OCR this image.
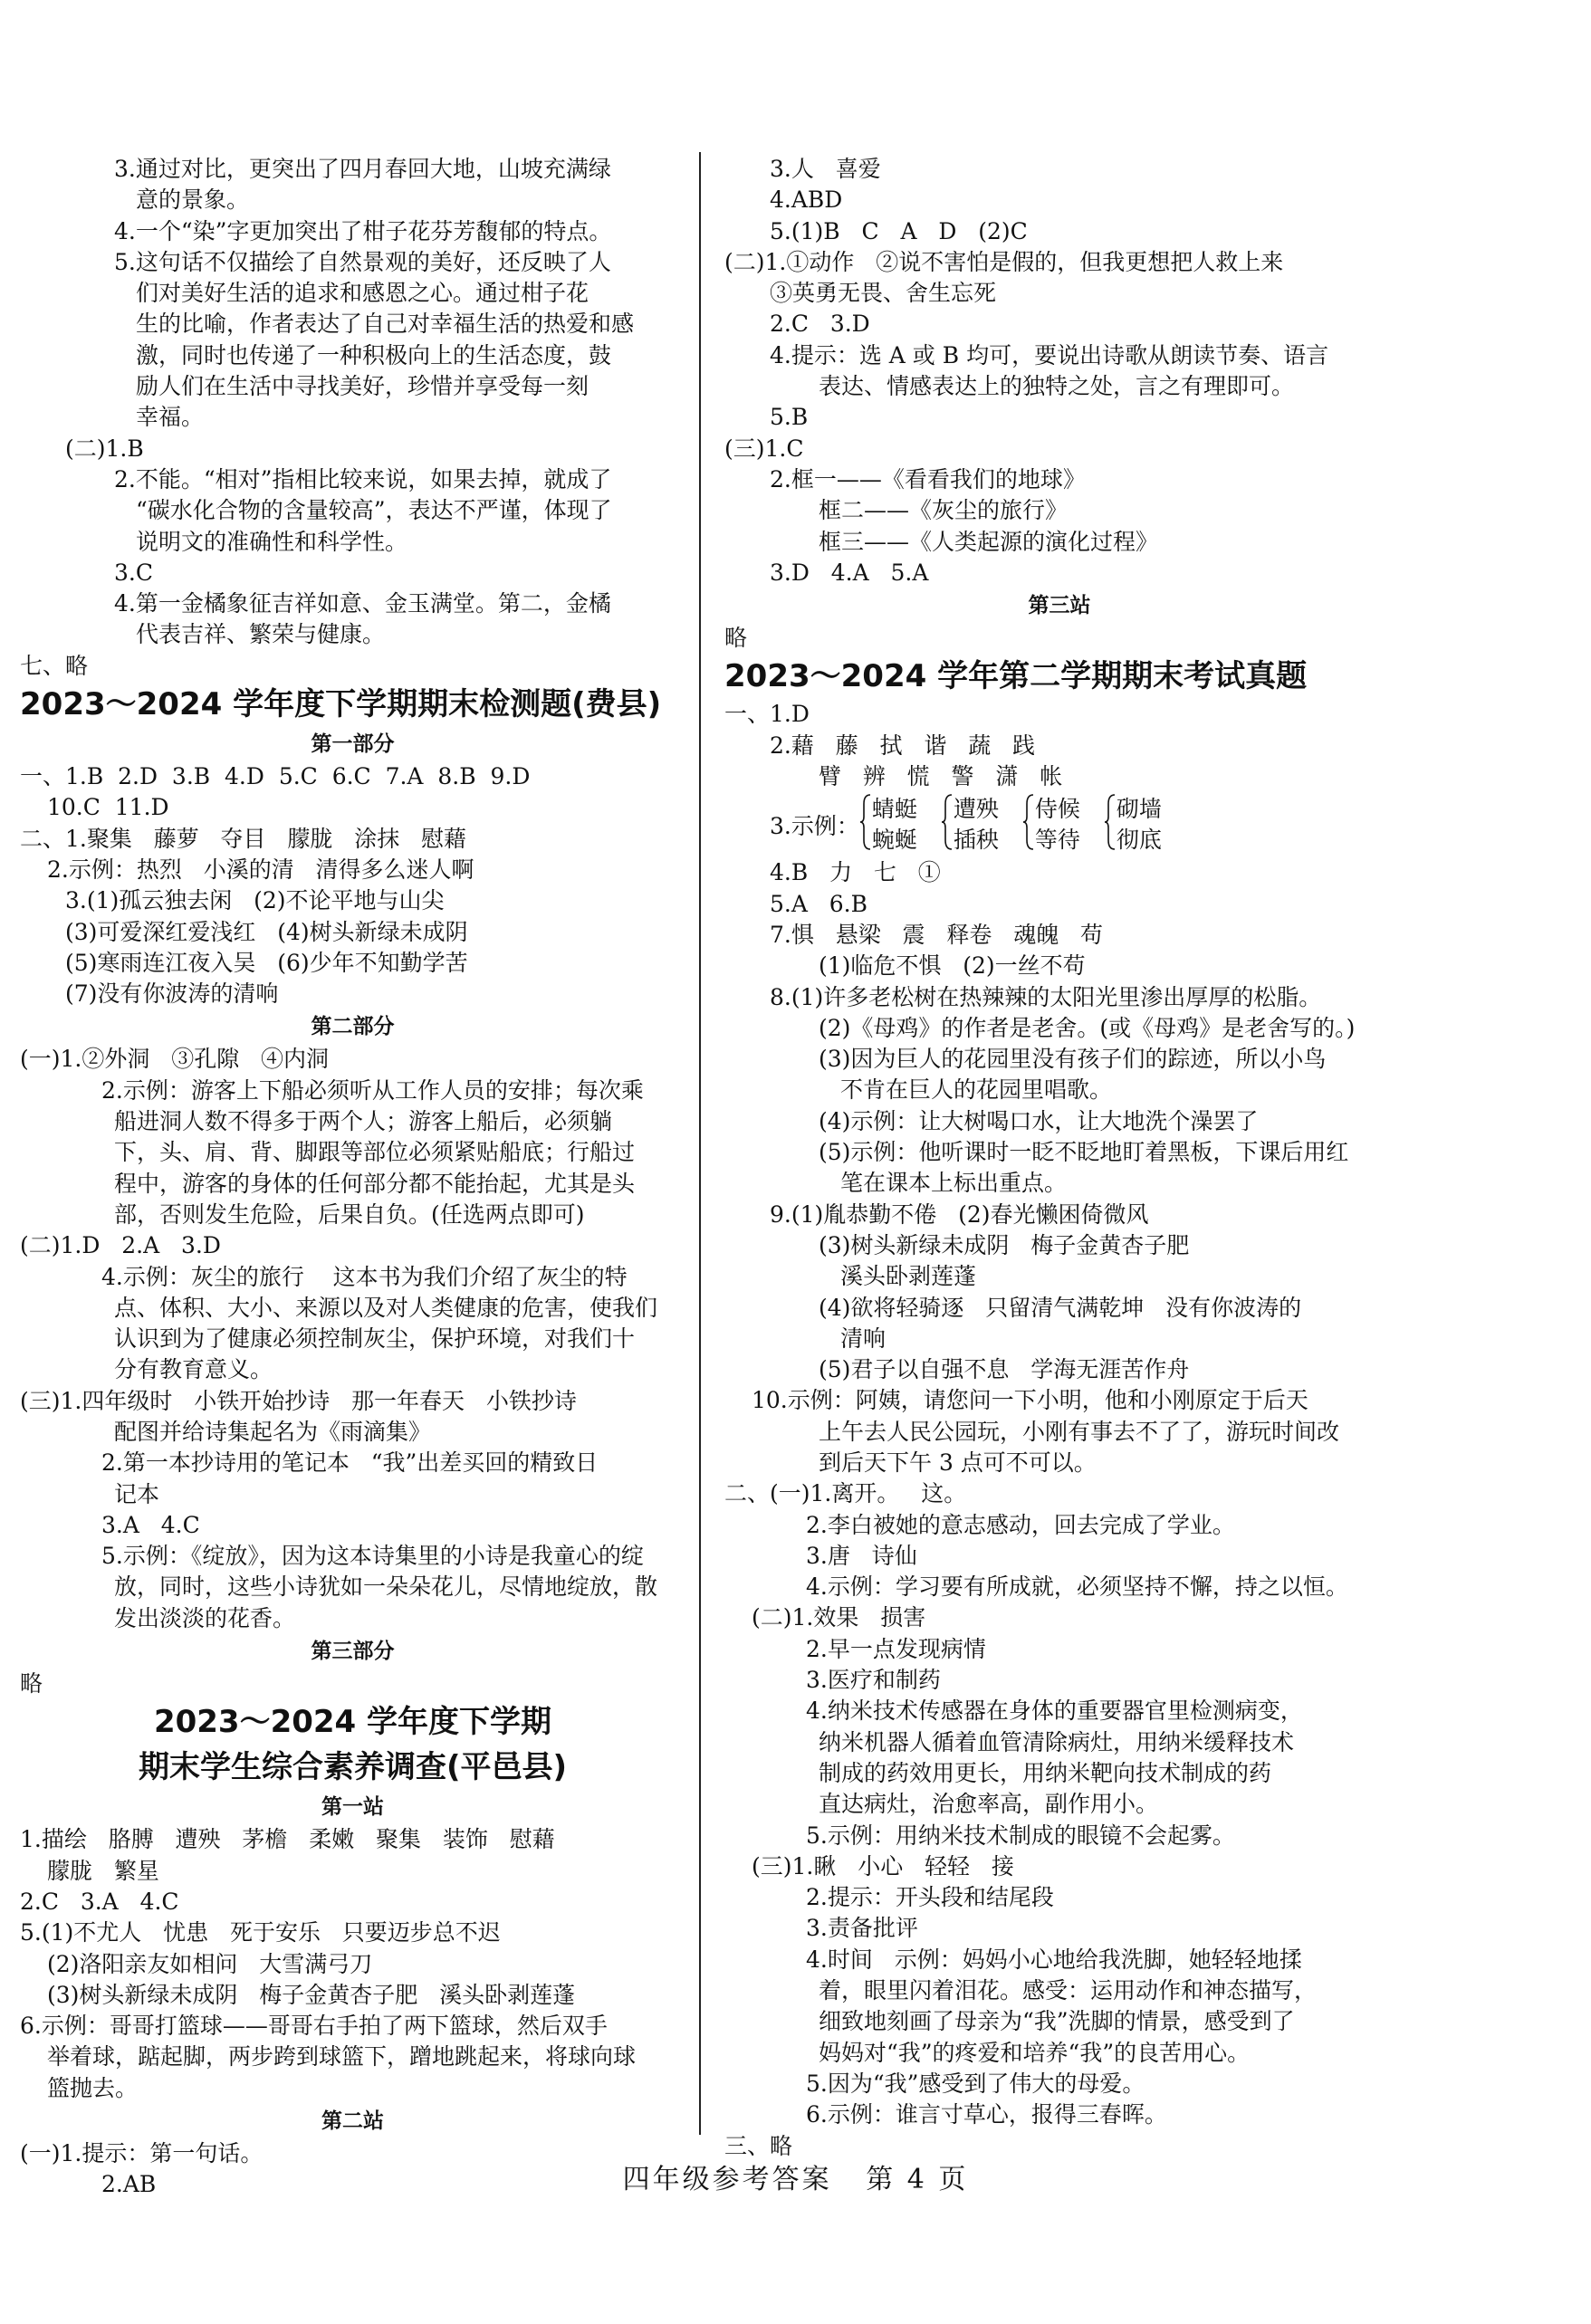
3.通过对比，更突出了四月春回大地，山坡充满绿
意的景象。
4.一个“染”字更加突出了柑子花芬芳馥郁的特点。
5.这句话不仅描绘了自然景观的美好，还反映了人
们对美好生活的追求和感恩之心。通过柑子花
生的比喻，作者表达了自己对幸福生活的热爱和感
激，同时也传递了一种积极向上的生活态度，鼓
励人们在生活中寻找美好，珍惜并享受每一刻
幸福。
(二)1.B
2.不能。“相对”指相比较来说，如果去掉，就成了
“碳水化合物的含量较高”，表达不严谨，体现了
说明文的准确性和科学性。
3.C
4.第一金橘象征吉祥如意、金玉满堂。第二，金橘
代表吉祥、繁荣与健康。
七、略
2023～2024 学年度下学期期末检测题(费县)
第一部分
一、1.B  2.D  3.B  4.D  5.C  6.C  7.A  8.B  9.D
10.C  11.D
二、1.聚集   藤萝   夺目   朦胧   涂抹   慰藉
2.示例：热烈   小溪的清   清得多么迷人啊
3.(1)孤云独去闲   (2)不论平地与山尖
(3)可爱深红爱浅红   (4)树头新绿未成阴
(5)寒雨连江夜入吴   (6)少年不知勤学苦
(7)没有你波涛的清响
第二部分
(一)1.②外洞   ③孔隙   ④内洞
2.示例：游客上下船必须听从工作人员的安排；每次乘
船进洞人数不得多于两个人；游客上船后，必须躺
下，头、肩、背、脚跟等部位必须紧贴船底；行船过
程中，游客的身体的任何部分都不能抬起，尤其是头
部，否则发生危险，后果自负。(任选两点即可)
(二)1.D   2.A   3.D
4.示例：灰尘的旅行    这本书为我们介绍了灰尘的特
点、体积、大小、来源以及对人类健康的危害，使我们
认识到为了健康必须控制灰尘，保护环境，对我们十
分有教育意义。
(三)1.四年级时   小铁开始抄诗   那一年春天   小铁抄诗
配图并给诗集起名为《雨滴集》
2.第一本抄诗用的笔记本   “我”出差买回的精致日
记本
3.A   4.C
5.示例：《绽放》，因为这本诗集里的小诗是我童心的绽
放，同时，这些小诗犹如一朵朵花儿，尽情地绽放，散
发出淡淡的花香。
第三部分
略
2023～2024 学年度下学期
期末学生综合素养调查(平邑县)
第一站
1.描绘   胳膊   遭殃   茅檐   柔嫩   聚集   装饰   慰藉
朦胧   繁星
2.C   3.A   4.C
5.(1)不尤人   忧患   死于安乐   只要迈步总不迟
(2)洛阳亲友如相问   大雪满弓刀
(3)树头新绿未成阴   梅子金黄杏子肥   溪头卧剥莲蓬
6.示例：哥哥打篮球——哥哥右手拍了两下篮球，然后双手
举着球，踮起脚，两步跨到球篮下，蹭地跳起来，将球向球
篮抛去。
第二站
(一)1.提示：第一句话。
2.AB
3.人   喜爱
4.ABD
5.(1)B   C   A   D   (2)C
(二)1.①动作   ②说不害怕是假的，但我更想把人救上来
③英勇无畏、舍生忘死
2.C   3.D
4.提示：选 A 或 B 均可，要说出诗歌从朗读节奏、语言
表达、情感表达上的独特之处，言之有理即可。
5.B
(三)1.C
2.框一——《看看我们的地球》
框二——《灰尘的旅行》
框三——《人类起源的演化过程》
3.D   4.A   5.A
第三站
略
2023～2024 学年第二学期期末考试真题
一、1.D
2.藉   藤   拭   谐   蔬   践
臂   辨   慌   警   潇   帐
3.示例：
蜻蜓
蜿蜒
遭殃
插秧
侍候
等待
砌墙
彻底
4.B   力   七   ①
5.A   6.B
7.惧   悬梁   震   释卷   魂魄   苟
(1)临危不惧   (2)一丝不苟
8.(1)许多老松树在热辣辣的太阳光里渗出厚厚的松脂。
(2)《母鸡》的作者是老舍。(或《母鸡》是老舍写的。)
(3)因为巨人的花园里没有孩子们的踪迹，所以小鸟
不肯在巨人的花园里唱歌。
(4)示例：让大树喝口水，让大地洗个澡罢了
(5)示例：他听课时一眨不眨地盯着黑板，下课后用红
笔在课本上标出重点。
9.(1)胤恭勤不倦   (2)春光懒困倚微风
(3)树头新绿未成阴   梅子金黄杏子肥
溪头卧剥莲蓬
(4)欲将轻骑逐   只留清气满乾坤   没有你波涛的
清响
(5)君子以自强不息   学海无涯苦作舟
10.示例：阿姨，请您问一下小明，他和小刚原定于后天
上午去人民公园玩，小刚有事去不了了，游玩时间改
到后天下午 3 点可不可以。
二、(一)1.离开。   这。
2.李白被她的意志感动，回去完成了学业。
3.唐   诗仙
4.示例：学习要有所成就，必须坚持不懈，持之以恒。
(二)1.效果   损害
2.早一点发现病情
3.医疗和制药
4.纳米技术传感器在身体的重要器官里检测病变，
纳米机器人循着血管清除病灶，用纳米缓释技术
制成的药效用更长，用纳米靶向技术制成的药
直达病灶，治愈率高，副作用小。
5.示例：用纳米技术制成的眼镜不会起雾。
(三)1.瞅   小心   轻轻   接
2.提示：开头段和结尾段
3.责备批评
4.时间   示例：妈妈小心地给我洗脚，她轻轻地揉
着，眼里闪着泪花。感受：运用动作和神态描写，
细致地刻画了母亲为“我”洗脚的情景，感受到了
妈妈对“我”的疼爱和培养“我”的良苦用心。
5.因为“我”感受到了伟大的母爱。
6.示例：谁言寸草心，报得三春晖。
三、略
四年级参考答案   第 4 页
